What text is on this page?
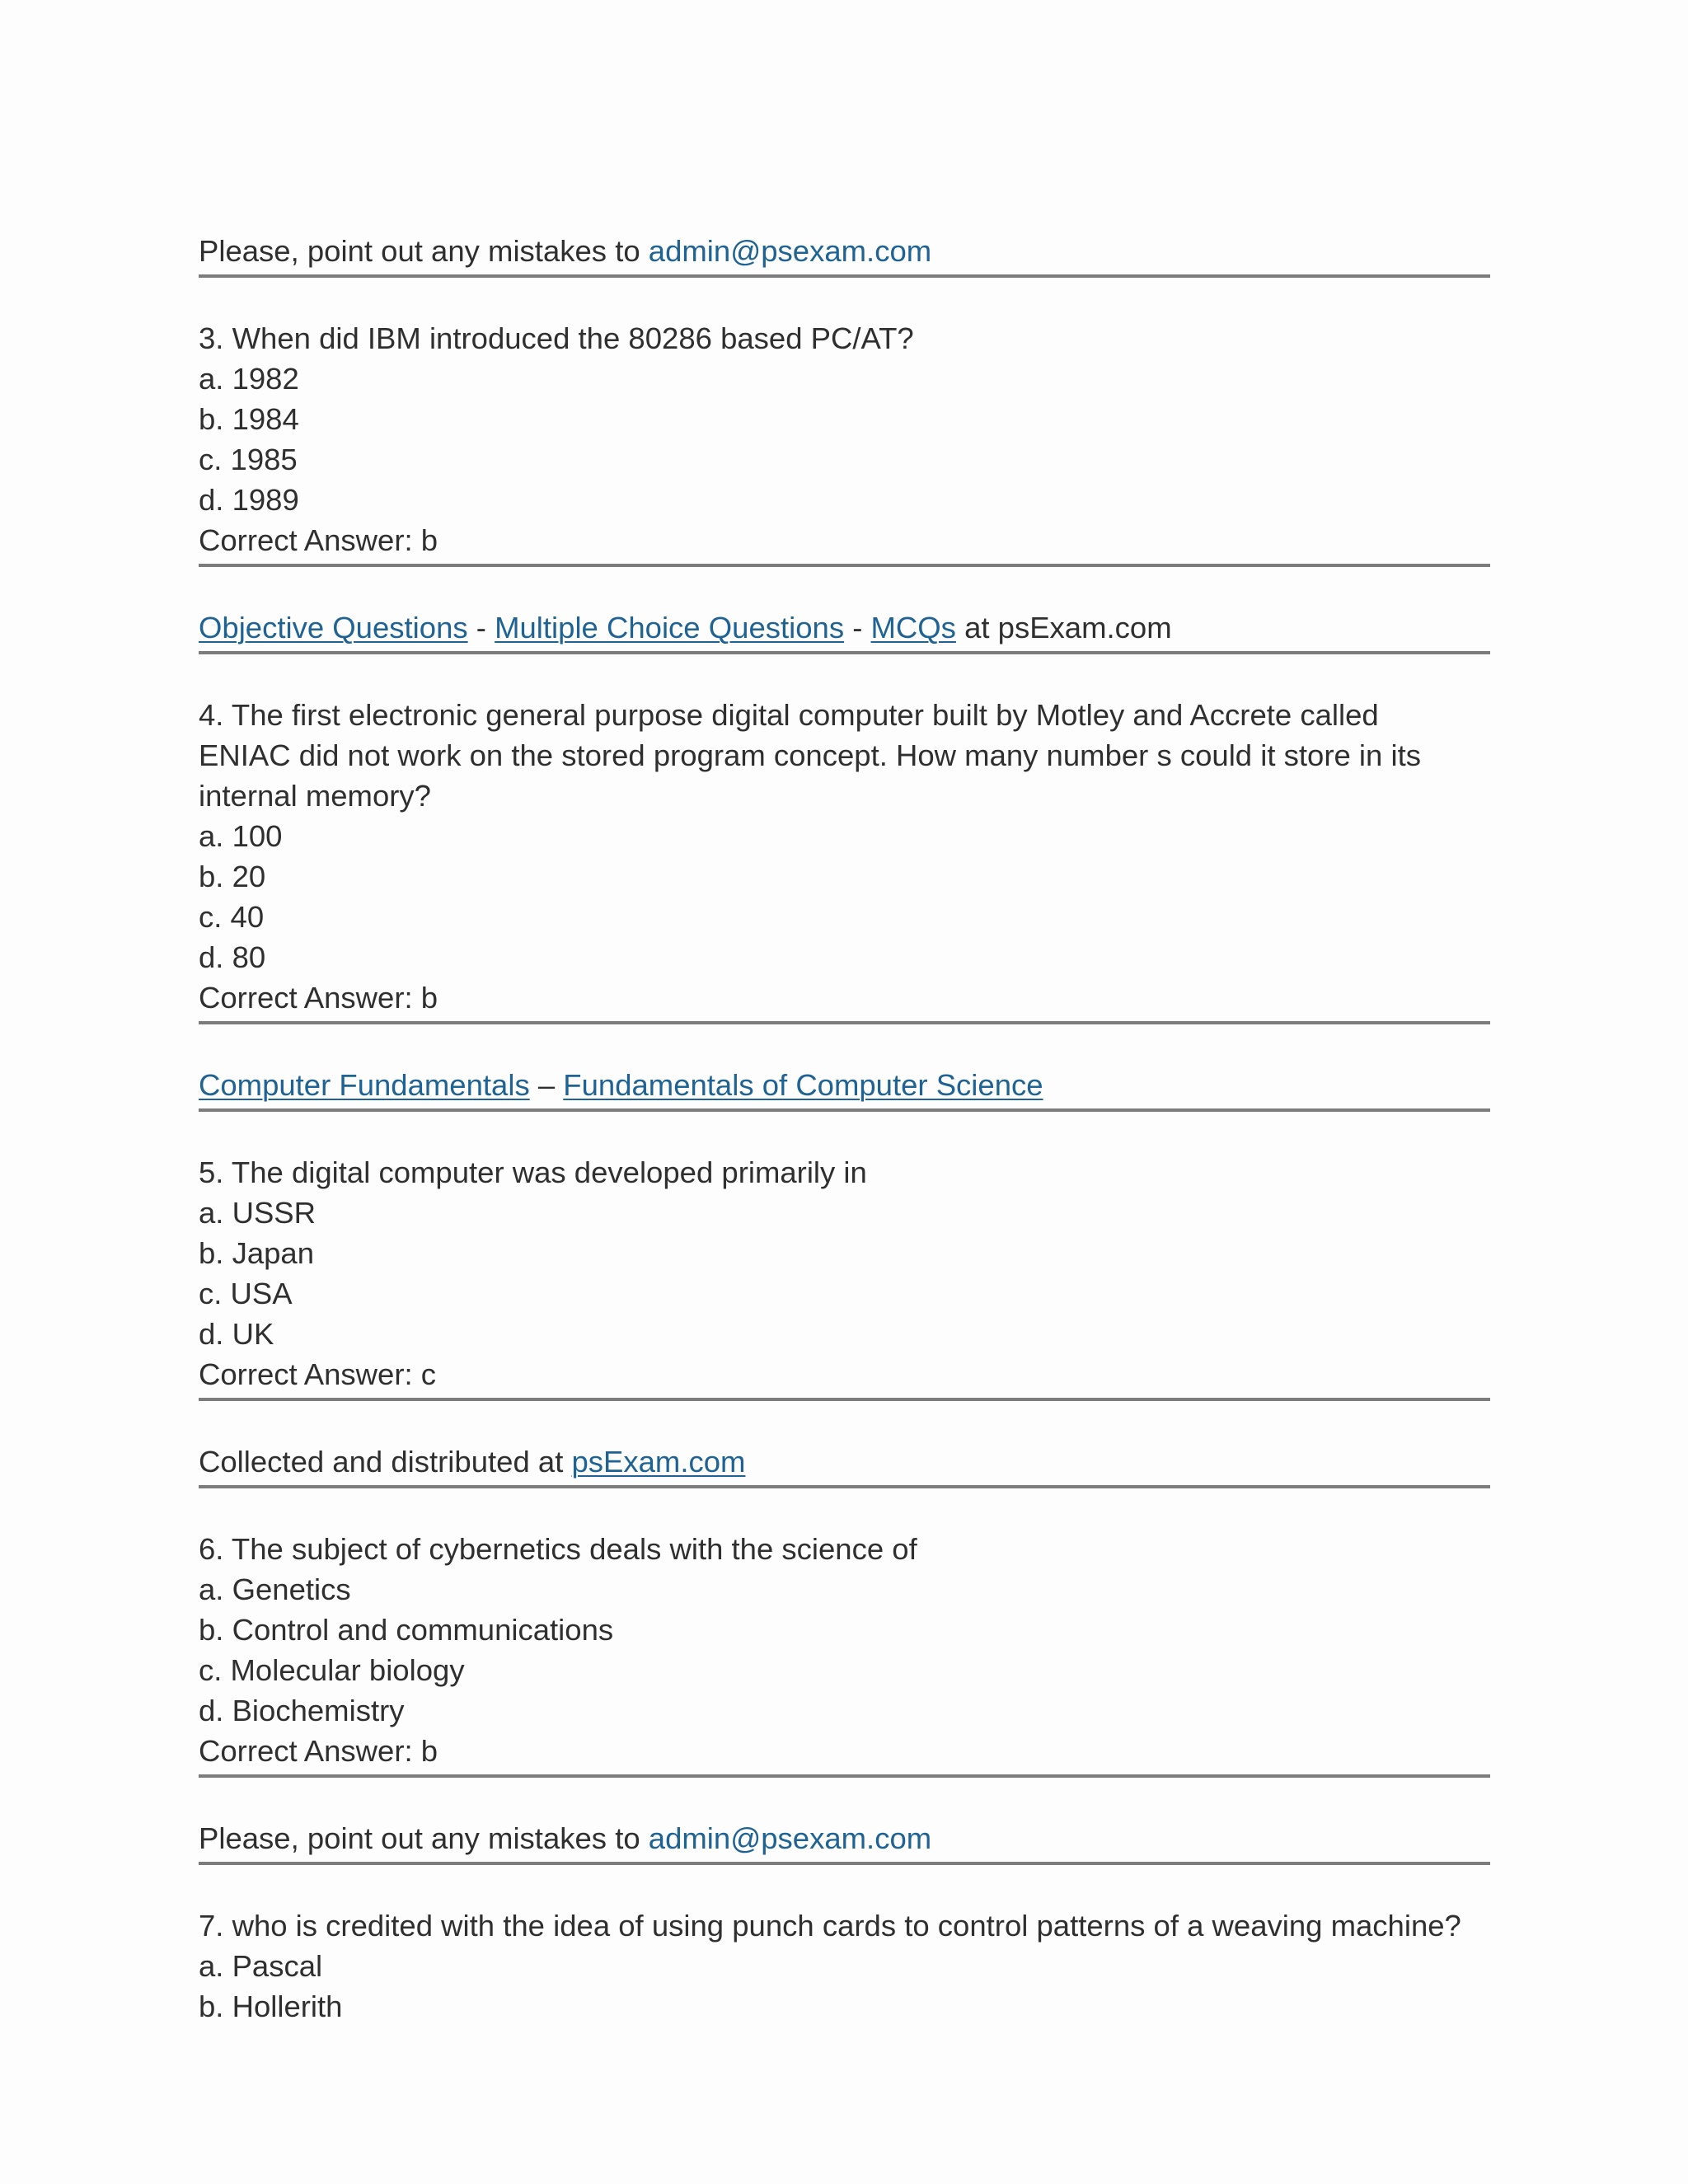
Please, point out any mistakes to admin@psexam.com
3. When did IBM introduced the 80286 based PC/AT?
a. 1982
b. 1984
c. 1985
d. 1989
Correct Answer: b
Objective Questions - Multiple Choice Questions - MCQs at psExam.com
4. The first electronic general purpose digital computer built by Motley and Accrete called
ENIAC did not work on the stored program concept. How many number s could it store in its
internal memory?
a. 100
b. 20
c. 40
d. 80
Correct Answer: b
Computer Fundamentals – Fundamentals of Computer Science
5. The digital computer was developed primarily in
a. USSR
b. Japan
c. USA
d. UK
Correct Answer: c
Collected and distributed at psExam.com
6. The subject of cybernetics deals with the science of
a. Genetics
b. Control and communications
c. Molecular biology
d. Biochemistry
Correct Answer: b
Please, point out any mistakes to admin@psexam.com
7. who is credited with the idea of using punch cards to control patterns of a weaving machine?
a. Pascal
b. Hollerith
